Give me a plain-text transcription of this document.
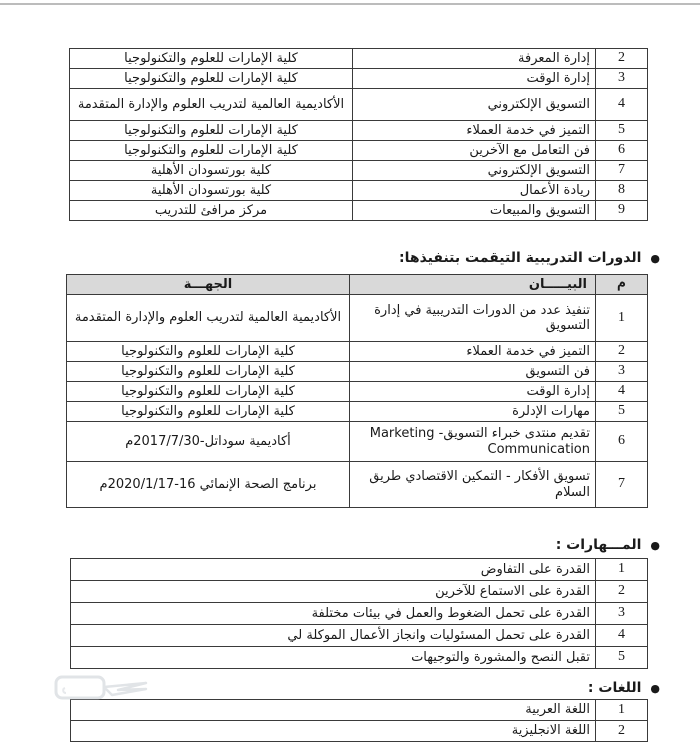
2	إدارة المعرفة	كلية الإمارات للعلوم والتكنولوجيا
3	إدارة الوقت	كلية الإمارات للعلوم والتكنولوجيا
4	التسويق الإلكتروني	الأكاديمية العالمية لتدريب العلوم والإدارة المتقدمة
5	التميز في خدمة العملاء	كلية الإمارات للعلوم والتكنولوجيا
6	فن التعامل مع الآخرين	كلية الإمارات للعلوم والتكنولوجيا
7	التسويق الإلكتروني	كلية بورتسودان الأهلية
8	ريادة الأعمال	كلية بورتسودان الأهلية
9	التسويق والمبيعات	مركز مرافئ للتدريب
●
الدورات التدريبية التيقمت بتنفيذها:
م	البيـــــان	الجهـــة
1	تنفيذ عدد من الدورات التدريبية في إدارة التسويق	الأكاديمية العالمية لتدريب العلوم والإدارة المتقدمة
2	التميز في خدمة العملاء	كلية الإمارات للعلوم والتكنولوجيا
3	فن التسويق	كلية الإمارات للعلوم والتكنولوجيا
4	إدارة الوقت	كلية الإمارات للعلوم والتكنولوجيا
5	مهارات الإدلرة	كلية الإمارات للعلوم والتكنولوجيا
6	تقديم منتدى خبراء التسويق- Marketing Communication	أكاديمية سوداتل-2017/7/30م
7	تسويق الأفكار - التمكين الاقتصادي طريق السلام	برنامج الصحة الإنمائي 16-2020/1/17م
●
المـــهارات :
1	القدرة على التفاوض
2	القدرة على الاستماع للآخرين
3	القدرة على تحمل الضغوط والعمل في بيئات مختلفة
4	القدرة على تحمل المسئوليات وانجاز الأعمال الموكلة لي
5	تقبل النصح والمشورة والتوجيهات
●
اللغات :
1	اللغة العربية
2	اللغة الانجليزية
